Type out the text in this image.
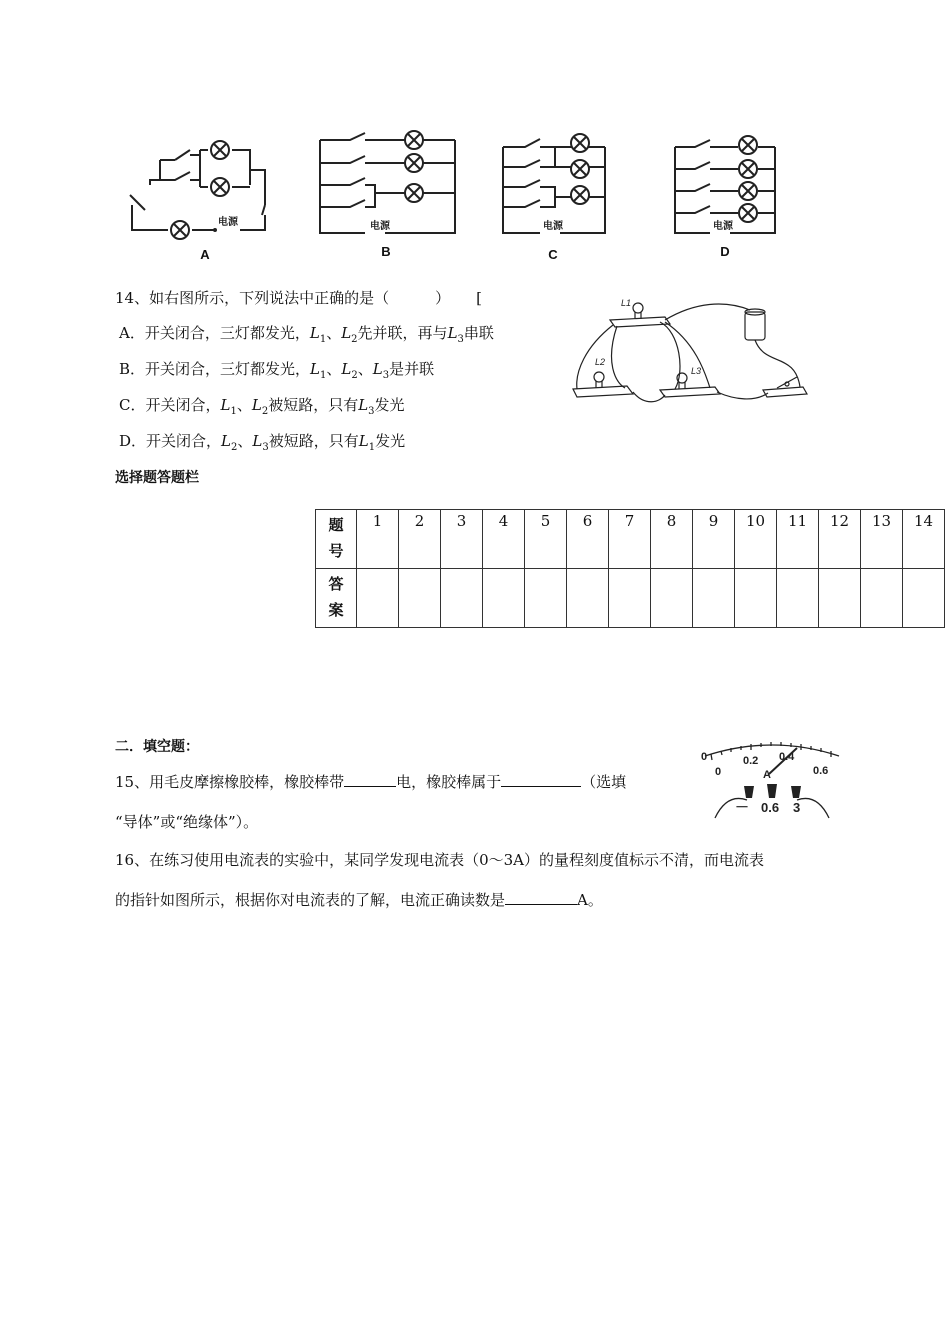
电源	电源	电源	电源
A	B	C	D
14、如右图所示，下列说法中正确的是（	） [
A．开关闭合，三灯都发光，$L_1$、$L_2$先并联，再与$L_3$串联
B．开关闭合，三灯都发光，$L_1$、$L_2$、$L_3$是并联
C．开关闭合，$L_1$、$L_2$被短路，只有$L_3$发光
D．开关闭合，$L_2$、$L_3$被短路，只有$L_1$发光
L1
L2
L3
选择题答题栏
题
号	1	2	3	4	5	6	7	8	9	10	11	12	13	14

答
案														

二．填空题：
15、用毛皮摩擦橡胶棒，橡胶棒带	电，橡胶棒属于	（选填
“导体”或“绝缘体”）。
16、在练习使用电流表的实验中，某同学发现电流表（0～3A）的量程刻度值标示不清，而电流表
的指针如图所示，根据你对电流表的了解，电流正确读数是	A。
0	0.2 0.4
0	0.6
A
－ 0.6 3
